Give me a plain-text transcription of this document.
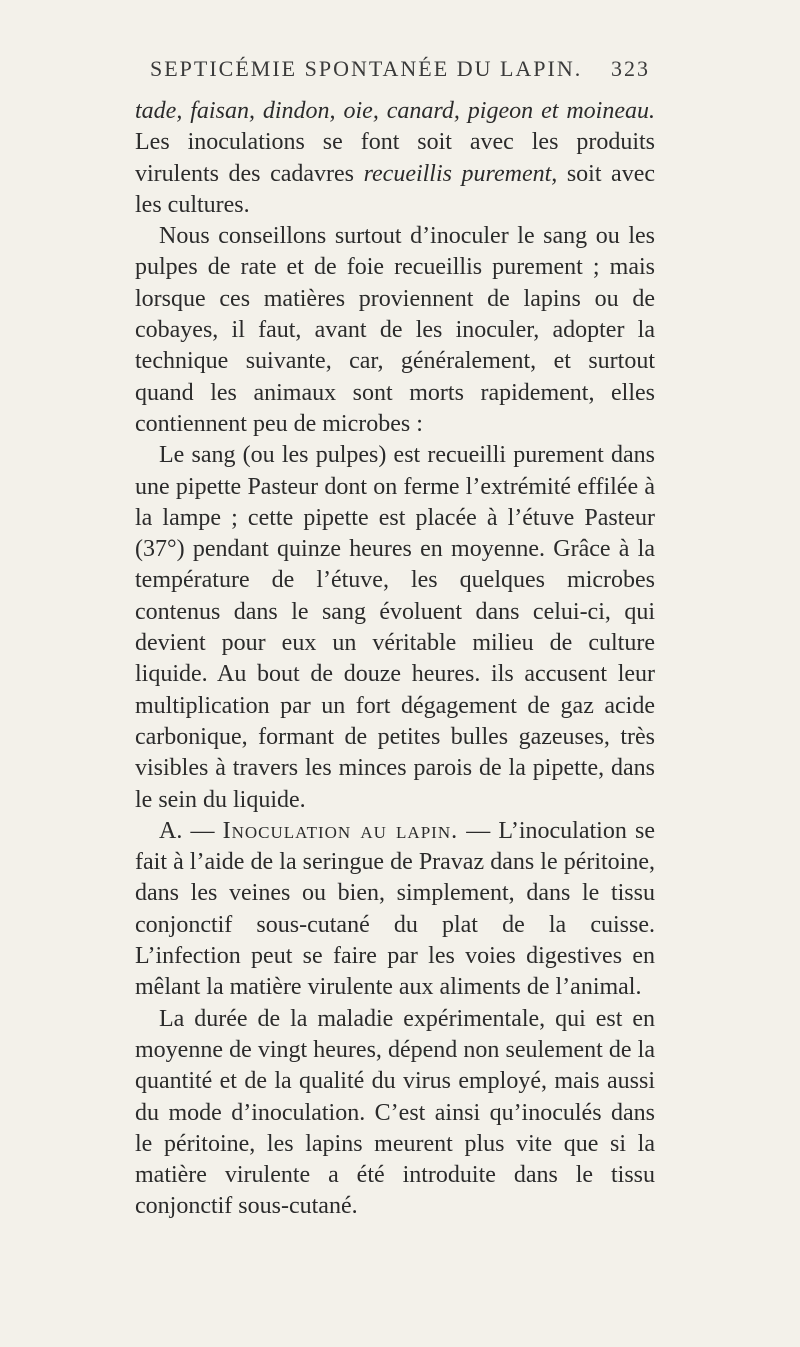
SEPTICÉMIE SPONTANÉE DU LAPIN. 323

tade, faisan, dindon, oie, canard, pigeon et moineau. Les inoculations se font soit avec les produits virulents des cadavres recueillis purement, soit avec les cultures.

 Nous conseillons surtout d’inoculer le sang ou les pulpes de rate et de foie recueillis purement ; mais lorsque ces matières proviennent de lapins ou de cobayes, il faut, avant de les inoculer, adopter la technique suivante, car, généralement, et surtout quand les animaux sont morts rapidement, elles contiennent peu de microbes :

 Le sang (ou les pulpes) est recueilli purement dans une pipette Pasteur dont on ferme l’extrémité effilée à la lampe ; cette pipette est placée à l’étuve Pasteur (37°) pendant quinze heures en moyenne. Grâce à la température de l’étuve, les quelques microbes contenus dans le sang évoluent dans celui-ci, qui devient pour eux un véritable milieu de culture liquide. Au bout de douze heures. ils accusent leur multiplication par un fort dégagement de gaz acide carbonique, formant de petites bulles gazeuses, très visibles à travers les minces parois de la pipette, dans le sein du liquide.

 A. — Inoculation au lapin. — L’inoculation se fait à l’aide de la seringue de Pravaz dans le péritoine, dans les veines ou bien, simplement, dans le tissu conjonctif sous-cutané du plat de la cuisse. L’infection peut se faire par les voies digestives en mêlant la matière virulente aux aliments de l’animal.

 La durée de la maladie expérimentale, qui est en moyenne de vingt heures, dépend non seulement de la quantité et de la qualité du virus employé, mais aussi du mode d’inoculation. C’est ainsi qu’inoculés dans le péritoine, les lapins meurent plus vite que si la matière virulente a été introduite dans le tissu conjonctif sous-cutané.
